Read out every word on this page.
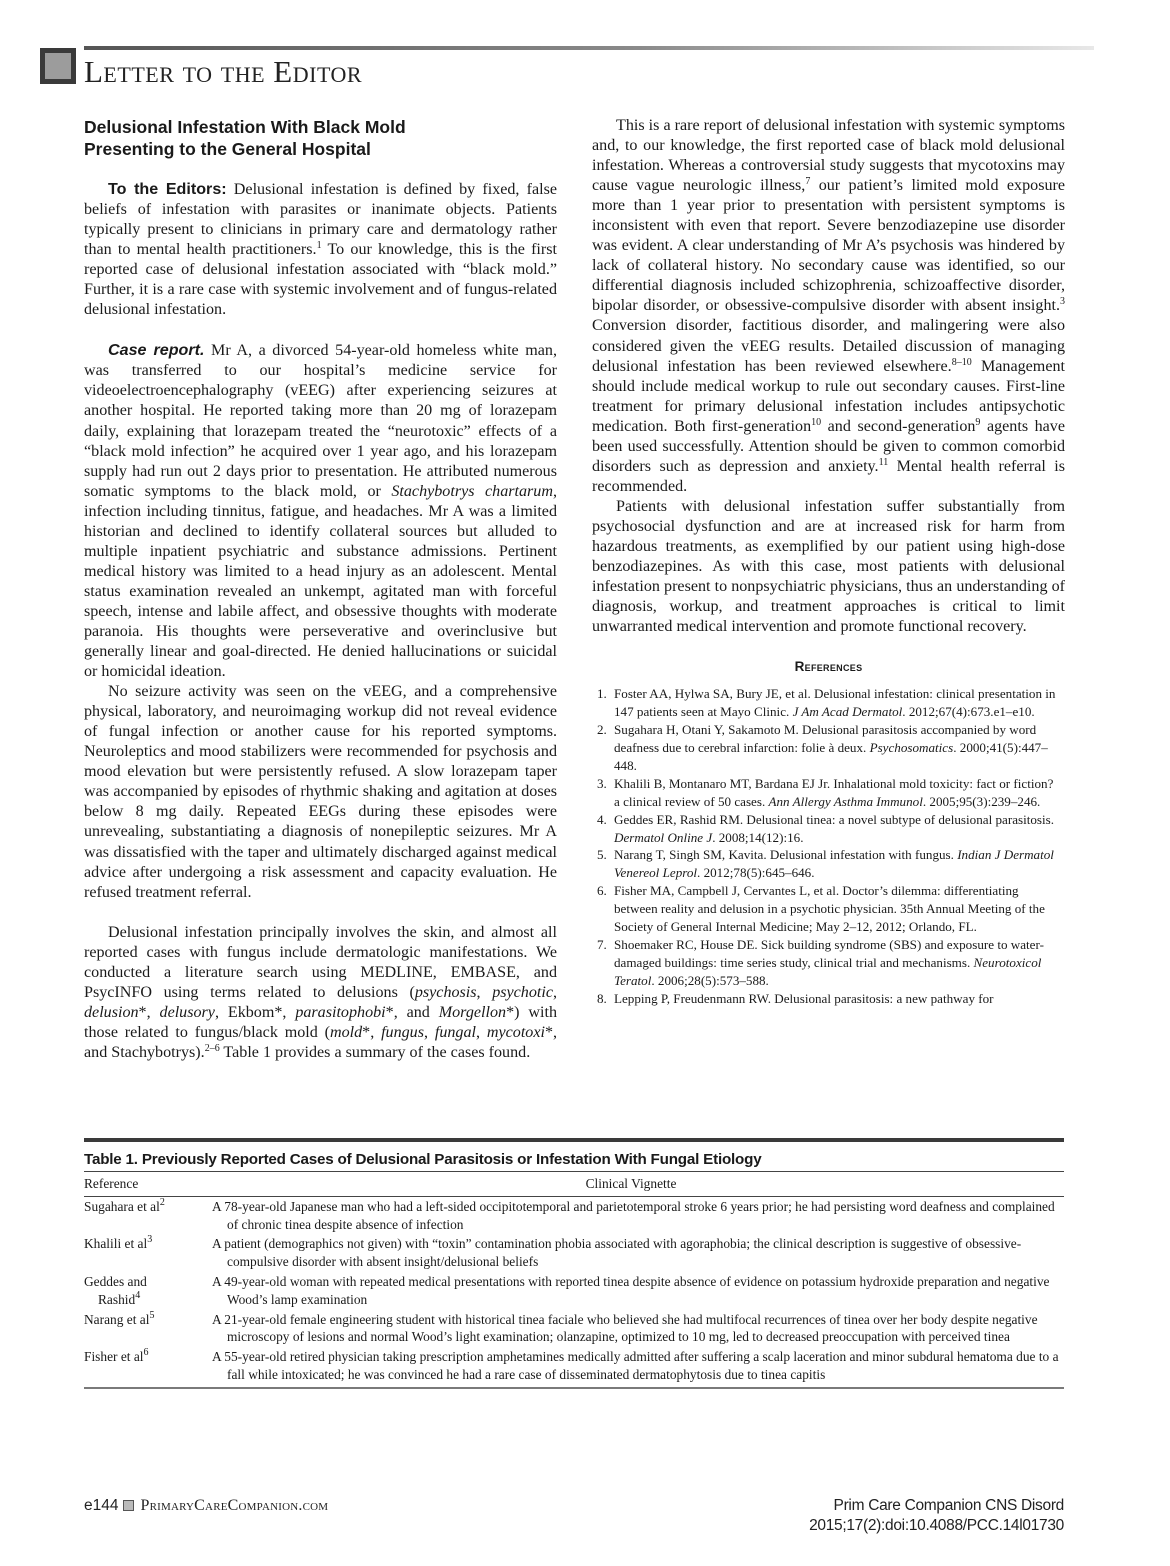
Letter to the Editor
Delusional Infestation With Black Mold
Presenting to the General Hospital

To the Editors: Delusional infestation is defined by fixed, false beliefs of infestation with parasites or inanimate objects. Patients typically present to clinicians in primary care and dermatology rather than to mental health practitioners.$^1$ To our knowledge, this is the first reported case of delusional infestation associated with “black mold.” Further, it is a rare case with systemic involvement and of fungus-related delusional infestation.

Case report. Mr A, a divorced 54-year-old homeless white man, was transferred to our hospital’s medicine service for videoelectroencephalography (vEEG) after experiencing seizures at another hospital. He reported taking more than 20 mg of lorazepam daily, explaining that lorazepam treated the “neurotoxic” effects of a “black mold infection” he acquired over 1 year ago, and his lorazepam supply had run out 2 days prior to presentation. He attributed numerous somatic symptoms to the black mold, or Stachybotrys chartarum, infection including tinnitus, fatigue, and headaches. Mr A was a limited historian and declined to identify collateral sources but alluded to multiple inpatient psychiatric and substance admissions. Pertinent medical history was limited to a head injury as an adolescent. Mental status examination revealed an unkempt, agitated man with forceful speech, intense and labile affect, and obsessive thoughts with moderate paranoia. His thoughts were perseverative and overinclusive but generally linear and goal-directed. He denied hallucinations or suicidal or homicidal ideation.

No seizure activity was seen on the vEEG, and a comprehensive physical, laboratory, and neuroimaging workup did not reveal evidence of fungal infection or another cause for his reported symptoms. Neuroleptics and mood stabilizers were recommended for psychosis and mood elevation but were persistently refused. A slow lorazepam taper was accompanied by episodes of rhythmic shaking and agitation at doses below 8 mg daily. Repeated EEGs during these episodes were unrevealing, substantiating a diagnosis of nonepileptic seizures. Mr A was dissatisfied with the taper and ultimately discharged against medical advice after undergoing a risk assessment and capacity evaluation. He refused treatment referral.

Delusional infestation principally involves the skin, and almost all reported cases with fungus include dermatologic manifestations. We conducted a literature search using MEDLINE, EMBASE, and PsycINFO using terms related to delusions (psychosis, psychotic, delusion*, delusory, Ekbom*, parasitophobi*, and Morgellon*) with those related to fungus/black mold (mold*, fungus, fungal, mycotoxi*, and Stachybotrys).$^{2-6}$ Table 1 provides a summary of the cases found.

This is a rare report of delusional infestation with systemic symptoms and, to our knowledge, the first reported case of black mold delusional infestation. Whereas a controversial study suggests that mycotoxins may cause vague neurologic illness,$^7$ our patient’s limited mold exposure more than 1 year prior to presentation with persistent symptoms is inconsistent with even that report. Severe benzodiazepine use disorder was evident. A clear understanding of Mr A’s psychosis was hindered by lack of collateral history. No secondary cause was identified, so our differential diagnosis included schizophrenia, schizoaffective disorder, bipolar disorder, or obsessive-compulsive disorder with absent insight.$^3$ Conversion disorder, factitious disorder, and malingering were also considered given the vEEG results. Detailed discussion of managing delusional infestation has been reviewed elsewhere.$^{8-10}$ Management should include medical workup to rule out secondary causes. First-line treatment for primary delusional infestation includes antipsychotic medication. Both first-generation$^{10}$ and second-generation$^9$ agents have been used successfully. Attention should be given to common comorbid disorders such as depression and anxiety.$^{11}$ Mental health referral is recommended.

Patients with delusional infestation suffer substantially from psychosocial dysfunction and are at increased risk for harm from hazardous treatments, as exemplified by our patient using high-dose benzodiazepines. As with this case, most patients with delusional infestation present to nonpsychiatric physicians, thus an understanding of diagnosis, workup, and treatment approaches is critical to limit unwarranted medical intervention and promote functional recovery.

References
1. Foster AA, Hylwa SA, Bury JE, et al. Delusional infestation: clinical presentation in 147 patients seen at Mayo Clinic. J Am Acad Dermatol. 2012;67(4):673.e1–e10.
2. Sugahara H, Otani Y, Sakamoto M. Delusional parasitosis accompanied by word deafness due to cerebral infarction: folie à deux. Psychosomatics. 2000;41(5):447–448.
3. Khalili B, Montanaro MT, Bardana EJ Jr. Inhalational mold toxicity: fact or fiction? a clinical review of 50 cases. Ann Allergy Asthma Immunol. 2005;95(3):239–246.
4. Geddes ER, Rashid RM. Delusional tinea: a novel subtype of delusional parasitosis. Dermatol Online J. 2008;14(12):16.
5. Narang T, Singh SM, Kavita. Delusional infestation with fungus. Indian J Dermatol Venereol Leprol. 2012;78(5):645–646.
6. Fisher MA, Campbell J, Cervantes L, et al. Doctor’s dilemma: differentiating between reality and delusion in a psychotic physician. 35th Annual Meeting of the Society of General Internal Medicine; May 2–12, 2012; Orlando, FL.
7. Shoemaker RC, House DE. Sick building syndrome (SBS) and exposure to water-damaged buildings: time series study, clinical trial and mechanisms. Neurotoxicol Teratol. 2006;28(5):573–588.
8. Lepping P, Freudenmann RW. Delusional parasitosis: a new pathway for
Table 1. Previously Reported Cases of Delusional Parasitosis or Infestation With Fungal Etiology
Reference	Clinical Vignette
Sugahara et $al^2$	A 78-year-old Japanese man who had a left-sided occipitotemporal and parietotemporal stroke 6 years prior; he had persisting word deafness and complained of chronic tinea despite absence of infection
Khalili et $al^3$	A patient (demographics not given) with “toxin” contamination phobia associated with agoraphobia; the clinical description is suggestive of obsessive-compulsive disorder with absent insight/delusional beliefs
Geddes and
Rashid$^4$	A 49-year-old woman with repeated medical presentations with reported tinea despite absence of evidence on potassium hydroxide preparation and negative Wood’s lamp examination
Narang et $al^5$	A 21-year-old female engineering student with historical tinea faciale who believed she had multifocal recurrences of tinea over her body despite negative microscopy of lesions and normal Wood’s light examination; olanzapine, optimized to 10 mg, led to decreased preoccupation with perceived tinea
Fisher et $al^6$	A 55-year-old retired physician taking prescription amphetamines medically admitted after suffering a scalp laceration and minor subdural hematoma due to a fall while intoxicated; he was convinced he had a rare case of disseminated dermatophytosis due to tinea capitis
e144 PrimaryCareCompanion.com	Prim Care Companion CNS Disord
2015;17(2):doi:10.4088/PCC.14l01730
